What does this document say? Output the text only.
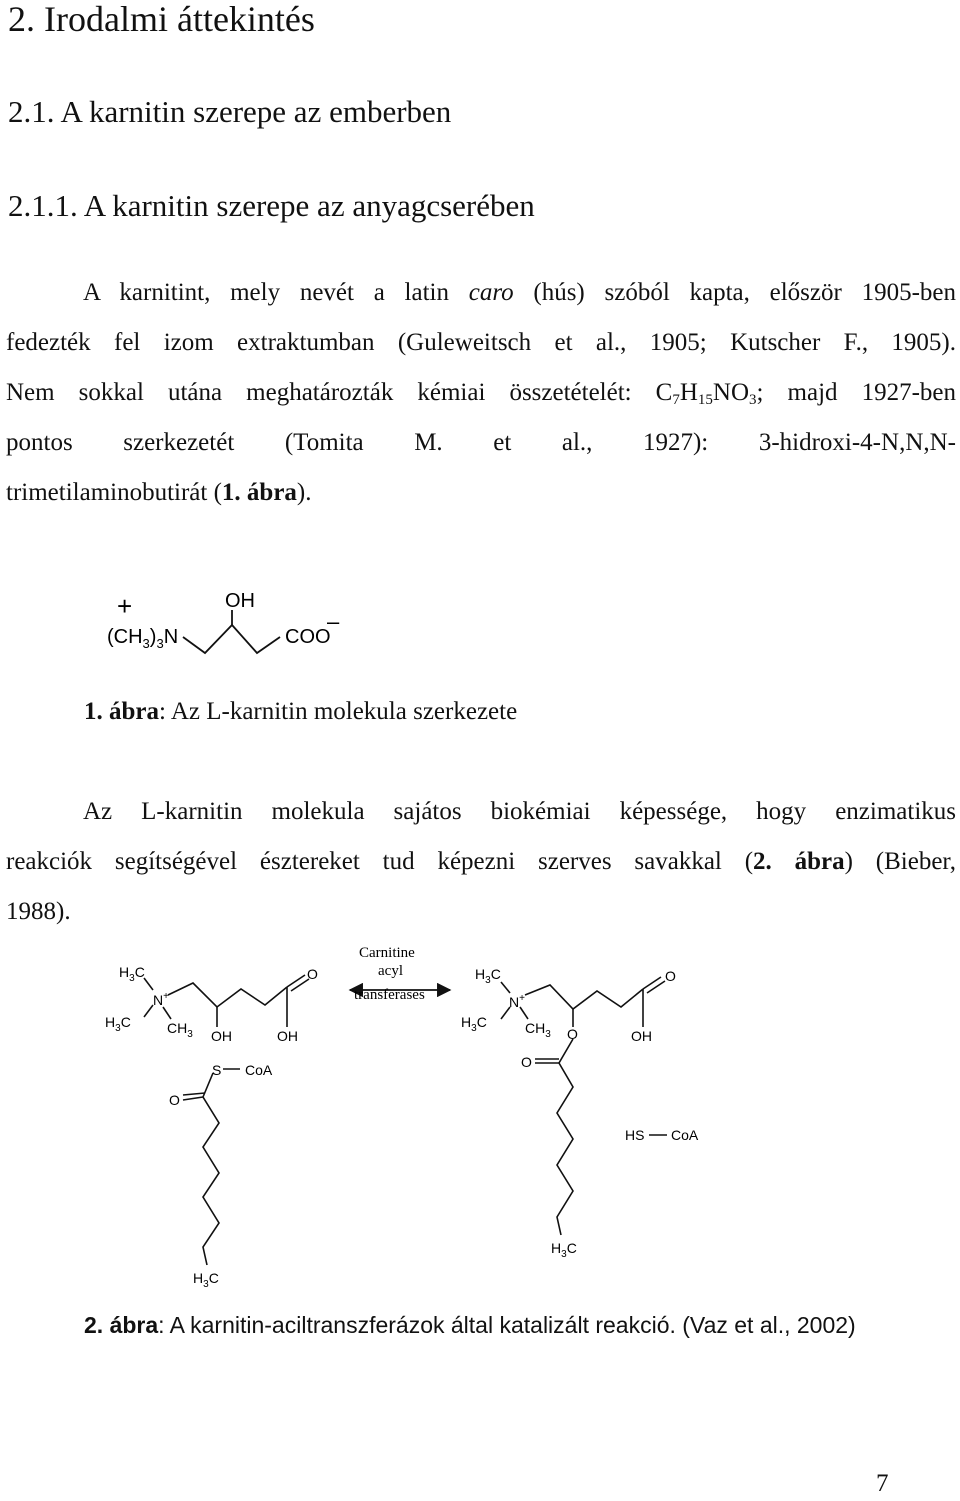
2. Irodalmi áttekintés
2.1. A karnitin szerepe az emberben
2.1.1. A karnitin szerepe az anyagcserében
A karnitint, mely nevét a latin caro (hús) szóból kapta, először 1905-ben
fedezték fel izom extraktumban (Guleweitsch et al., 1905; Kutscher F., 1905).
Nem sokkal utána meghatározták kémiai összetételét: $C_7H_{15}NO_3$; majd 1927-ben
pontos szerkezetét (Tomita M. et al., 1927): 3-hidroxi-4-N,N,N-
trimetilaminobutirát (1. ábra).
+
$(CH_3)_3N$
OH
COO
–
1. ábra: Az L-karnitin molekula szerkezete
Az L-karnitin molekula sajátos biokémiai képessége, hogy enzimatikus
reakciók segítségével észtereket tud képezni szerves savakkal (2. ábra) (Bieber,
1988).
Carnitine
acyl
transferases
$H_3C$
$H_3C$
N+
$CH_3$
O
OH	OH
S CoA
O
$H_3C$
$H_3C$
$H_3C$
N+
$CH_3$
O
O	OH
O
$H_3C$
HS CoA
2. ábra: A karnitin-aciltranszferázok által katalizált reakció. (Vaz et al., 2002)
7
